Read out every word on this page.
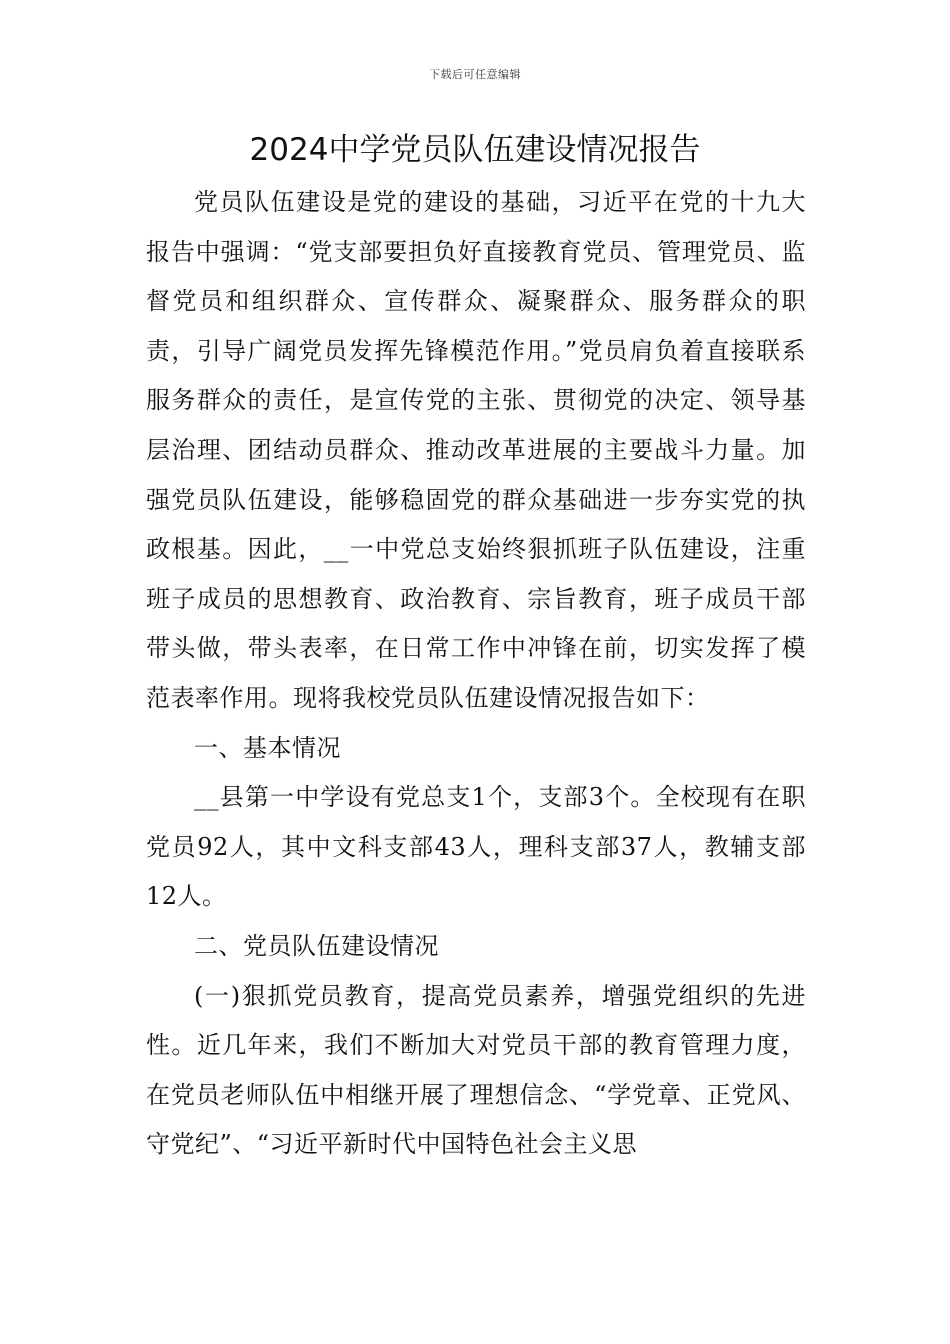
下载后可任意编辑
2024中学党员队伍建设情况报告

党员队伍建设是党的建设的基础，习近平在党的十九大报告中强调：“党支部要担负好直接教育党员、管理党员、监督党员和组织群众、宣传群众、凝聚群众、服务群众的职责，引导广阔党员发挥先锋模范作用。”党员肩负着直接联系服务群众的责任，是宣传党的主张、贯彻党的决定、领导基层治理、团结动员群众、推动改革进展的主要战斗力量。加强党员队伍建设，能够稳固党的群众基础进一步夯实党的执政根基。因此，__一中党总支始终狠抓班子队伍建设，注重班子成员的思想教育、政治教育、宗旨教育，班子成员干部带头做，带头表率，在日常工作中冲锋在前，切实发挥了模范表率作用。现将我校党员队伍建设情况报告如下：

一、基本情况

__县第一中学设有党总支1个，支部3个。全校现有在职党员92人，其中文科支部43人，理科支部37人，教辅支部12人。

二、党员队伍建设情况

(一)狠抓党员教育，提高党员素养，增强党组织的先进性。近几年来，我们不断加大对党员干部的教育管理力度，在党员老师队伍中相继开展了理想信念、“学党章、正党风、守党纪”、“习近平新时代中国特色社会主义思
